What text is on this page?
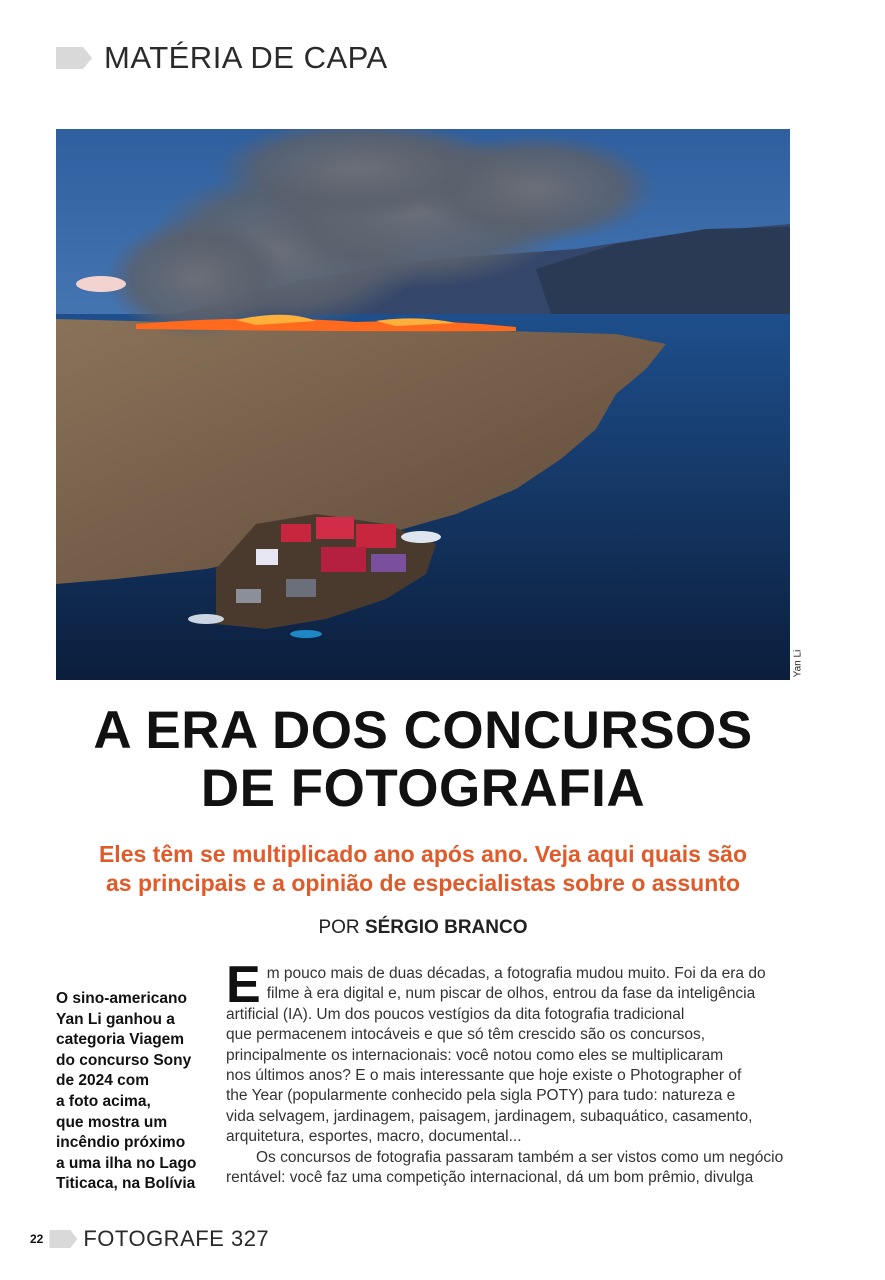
MATÉRIA DE CAPA
Yan Li
A ERA DOS CONCURSOS
DE FOTOGRAFIA
Eles têm se multiplicado ano após ano. Veja aqui quais são
as principais e a opinião de especialistas sobre o assunto
POR SÉRGIO BRANCO
O sino-americano
Yan Li ganhou a
categoria Viagem
do concurso Sony
de 2024 com
a foto acima,
que mostra um
incêndio próximo
a uma ilha no Lago
Titicaca, na Bolívia

E m pouco mais de duas décadas, a fotografia mudou muito. Foi da era do
filme à era digital e, num piscar de olhos, entrou da fase da inteligência
artificial (IA). Um dos poucos vestígios da dita fotografia tradicional
que permacenem intocáveis e que só têm crescido são os concursos,
principalmente os internacionais: você notou como eles se multiplicaram
nos últimos anos? E o mais interessante que hoje existe o Photographer of
the Year (popularmente conhecido pela sigla POTY) para tudo: natureza e
vida selvagem, jardinagem, paisagem, jardinagem, subaquático, casamento,
arquitetura, esportes, macro, documental...

Os concursos de fotografia passaram também a ser vistos como um negócio
rentável: você faz uma competição internacional, dá um bom prêmio, divulga

22 FOTOGRAFE 327
